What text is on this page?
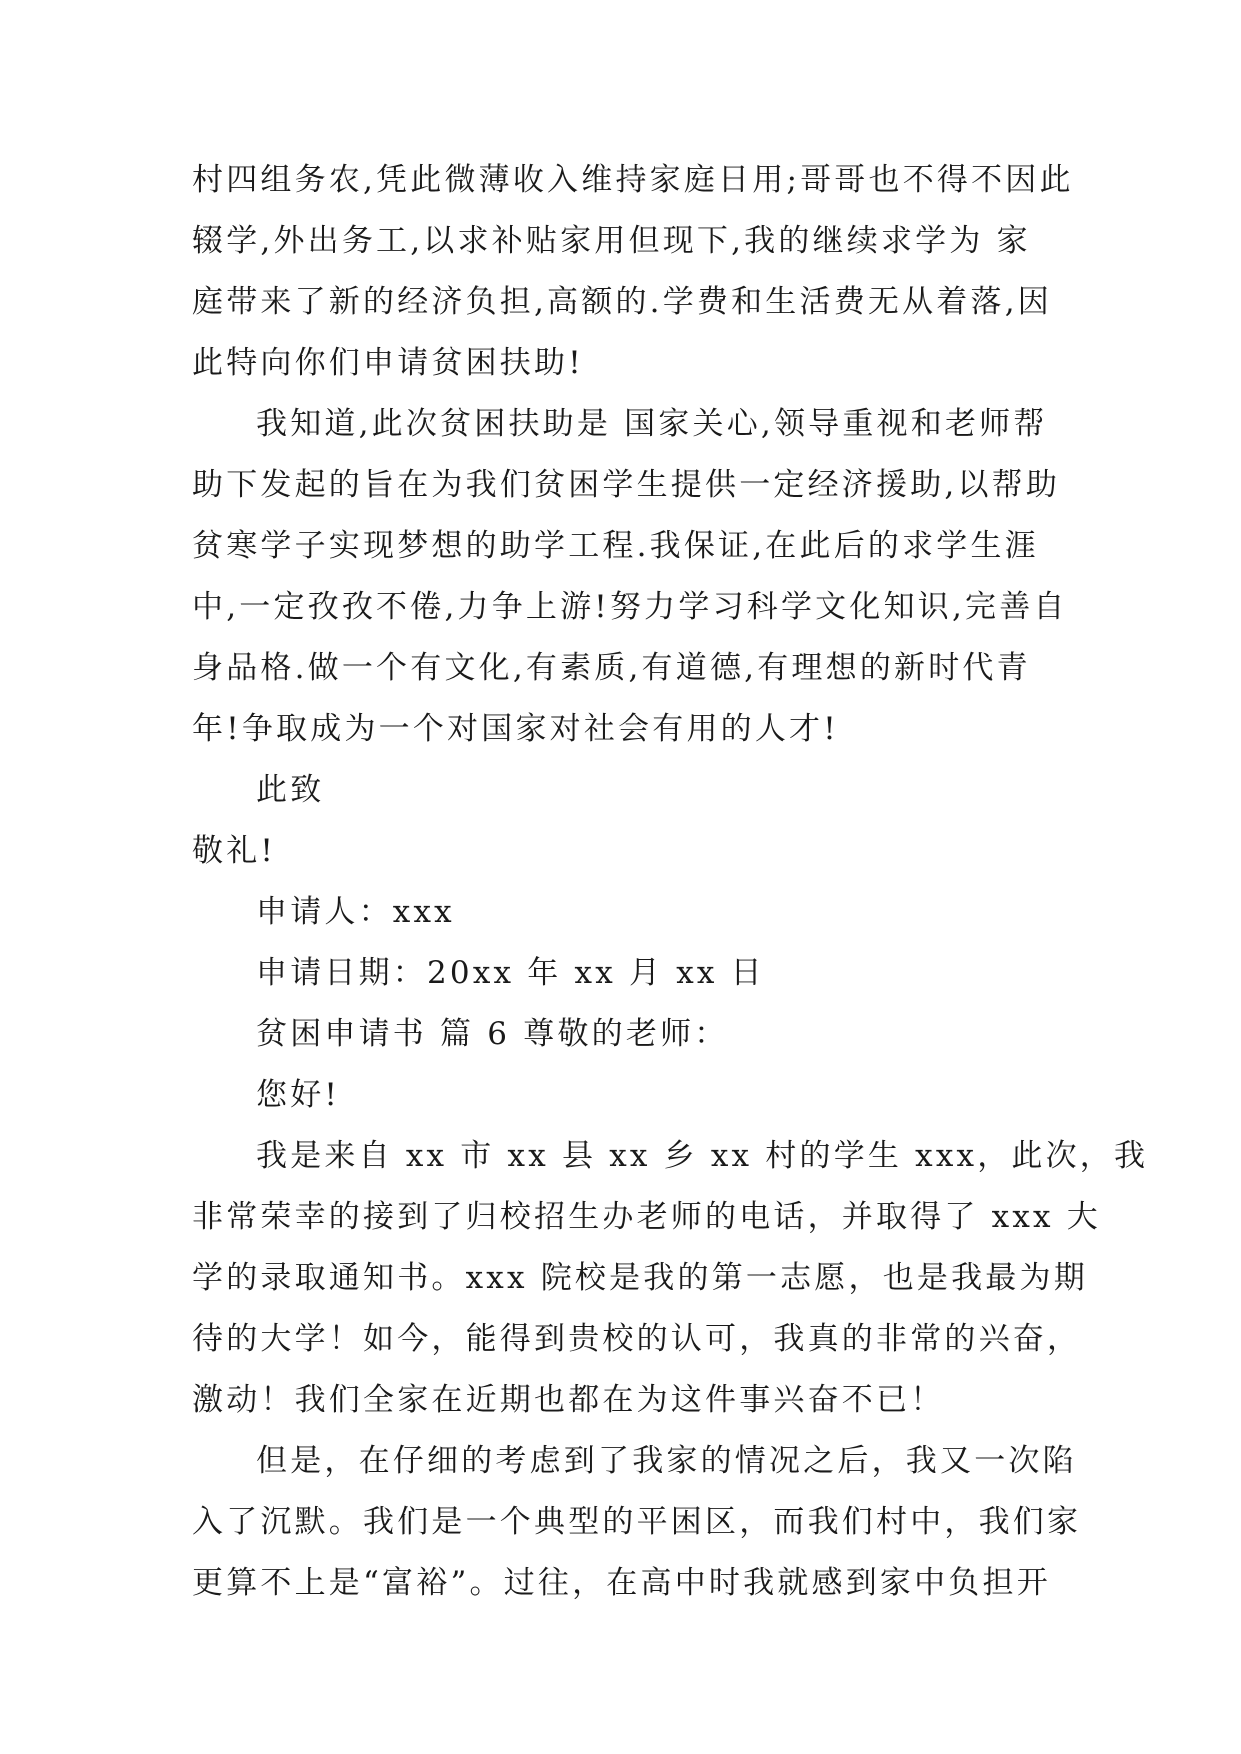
村四组务农,凭此微薄收入维持家庭日用;哥哥也不得不因此
辍学,外出务工,以求补贴家用但现下,我的继续求学为 家
庭带来了新的经济负担,高额的.学费和生活费无从着落,因
此特向你们申请贫困扶助!
我知道,此次贫困扶助是 国家关心,领导重视和老师帮
助下发起的旨在为我们贫困学生提供一定经济援助,以帮助
贫寒学子实现梦想的助学工程.我保证,在此后的求学生涯
中,一定孜孜不倦,力争上游!努力学习科学文化知识,完善自
身品格.做一个有文化,有素质,有道德,有理想的新时代青
年!争取成为一个对国家对社会有用的人才!
此致
敬礼!
申请人：xxx
申请日期：20xx 年 xx 月 xx 日
贫困申请书 篇 6 尊敬的老师：
您好!
我是来自 xx 市 xx 县 xx 乡 xx 村的学生 xxx，此次，我
非常荣幸的接到了归校招生办老师的电话，并取得了 xxx 大
学的录取通知书。xxx 院校是我的第一志愿，也是我最为期
待的大学！如今，能得到贵校的认可，我真的非常的兴奋，
激动！我们全家在近期也都在为这件事兴奋不已！
但是，在仔细的考虑到了我家的情况之后，我又一次陷
入了沉默。我们是一个典型的平困区，而我们村中，我们家
更算不上是“富裕”。过往，在高中时我就感到家中负担开
